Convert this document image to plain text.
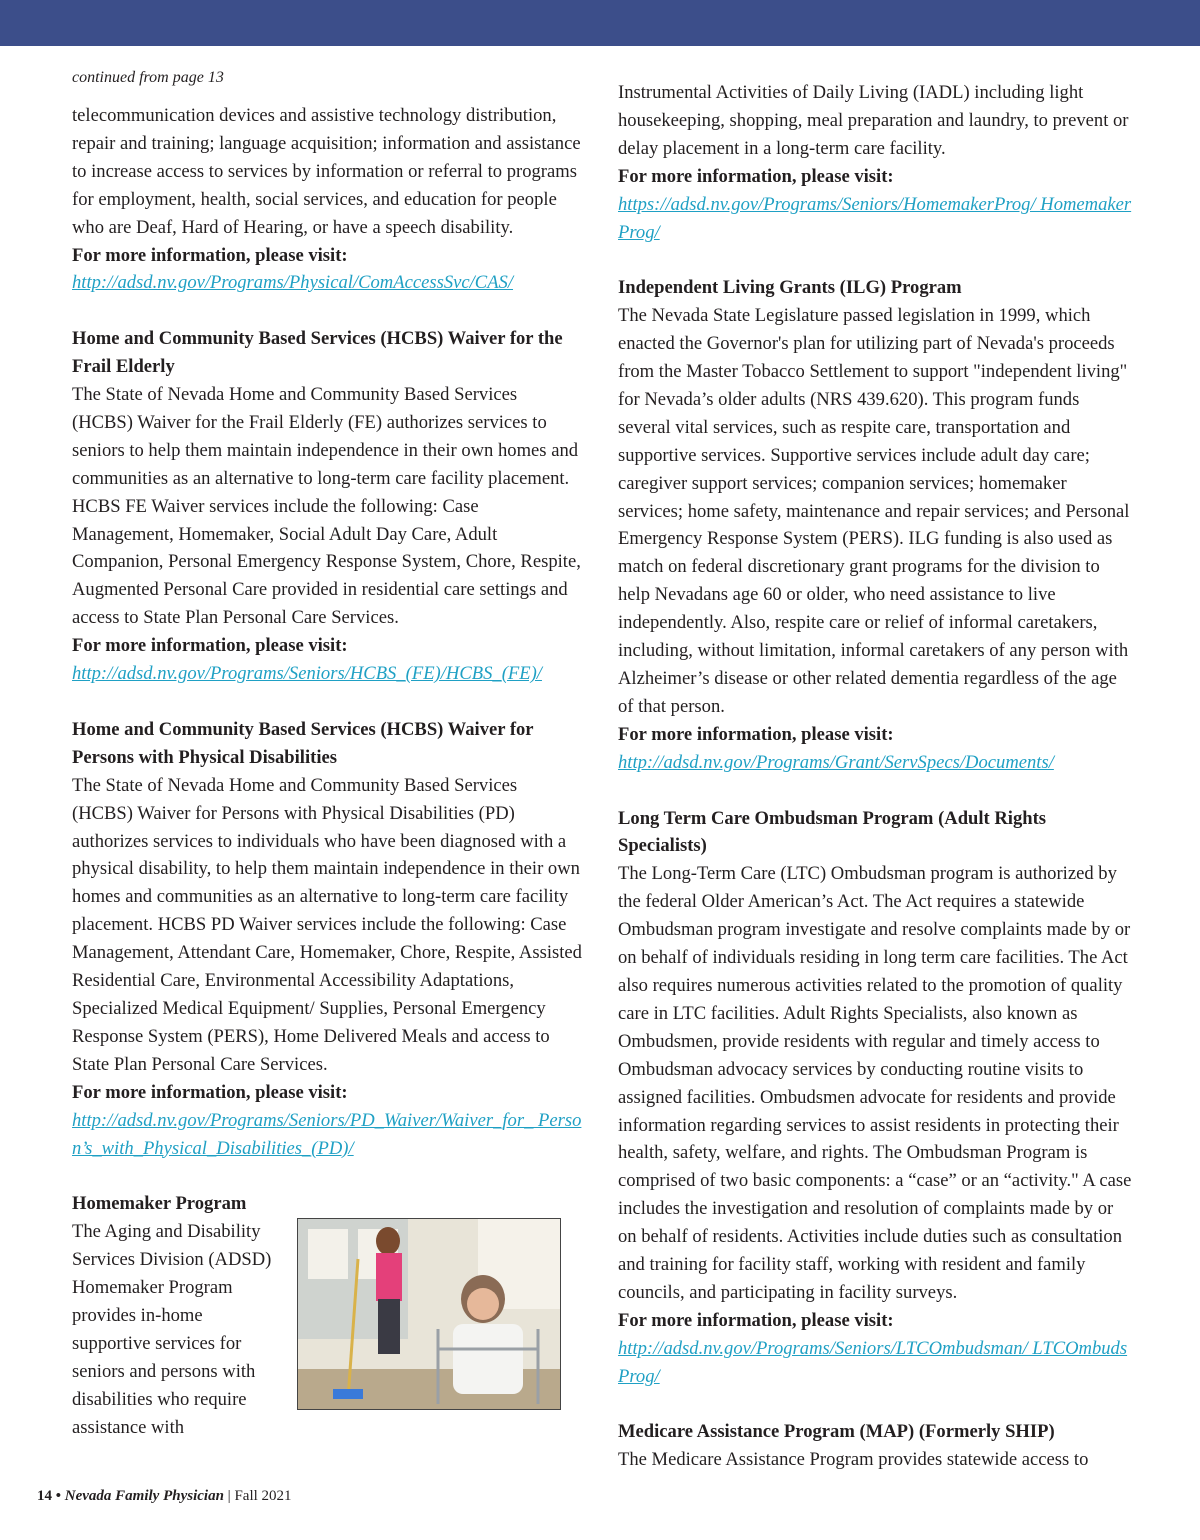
continued from page 13

telecommunication devices and assistive technology distribution, repair and training; language acquisition; information and assistance to increase access to services by information or referral to programs for employment, health, social services, and education for people who are Deaf, Hard of Hearing, or have a speech disability.

For more information, please visit:

http://adsd.nv.gov/Programs/Physical/ComAccessSvc/CAS/

Home and Community Based Services (HCBS) Waiver for the Frail Elderly

The State of Nevada Home and Community Based Services (HCBS) Waiver for the Frail Elderly (FE) authorizes services to seniors to help them maintain independence in their own homes and communities as an alternative to long-term care facility placement. HCBS FE Waiver services include the following: Case Management, Homemaker, Social Adult Day Care, Adult Companion, Personal Emergency Response System, Chore, Respite, Augmented Personal Care provided in residential care settings and access to State Plan Personal Care Services.

For more information, please visit:

http://adsd.nv.gov/Programs/Seniors/HCBS_(FE)/HCBS_(FE)/

Home and Community Based Services (HCBS) Waiver for Persons with Physical Disabilities

The State of Nevada Home and Community Based Services (HCBS) Waiver for Persons with Physical Disabilities (PD) authorizes services to individuals who have been diagnosed with a physical disability, to help them maintain independence in their own homes and communities as an alternative to long-term care facility placement. HCBS PD Waiver services include the following: Case Management, Attendant Care, Homemaker, Chore, Respite, Assisted Residential Care, Environmental Accessibility Adaptations, Specialized Medical Equipment/ Supplies, Personal Emergency Response System (PERS), Home Delivered Meals and access to State Plan Personal Care Services.

For more information, please visit:

http://adsd.nv.gov/Programs/Seniors/PD_Waiver/Waiver_for_ Person’s_with_Physical_Disabilities_(PD)/

Homemaker Program

The Aging and Disability Services Division (ADSD) Homemaker Program provides in-home supportive services for seniors and persons with disabilities who require assistance with

Instrumental Activities of Daily Living (IADL) including light housekeeping, shopping, meal preparation and laundry, to prevent or delay placement in a long-term care facility.

For more information, please visit:

https://adsd.nv.gov/Programs/Seniors/HomemakerProg/ HomemakerProg/

Independent Living Grants (ILG) Program

The Nevada State Legislature passed legislation in 1999, which enacted the Governor's plan for utilizing part of Nevada's proceeds from the Master Tobacco Settlement to support "independent living" for Nevada’s older adults (NRS 439.620). This program funds several vital services, such as respite care, transportation and supportive services. Supportive services include adult day care; caregiver support services; companion services; homemaker services; home safety, maintenance and repair services; and Personal Emergency Response System (PERS). ILG funding is also used as match on federal discretionary grant programs for the division to help Nevadans age 60 or older, who need assistance to live independently. Also, respite care or relief of informal caretakers, including, without limitation, informal caretakers of any person with Alzheimer’s disease or other related dementia regardless of the age of that person.

For more information, please visit:

http://adsd.nv.gov/Programs/Grant/ServSpecs/Documents/

Long Term Care Ombudsman Program (Adult Rights Specialists)

The Long-Term Care (LTC) Ombudsman program is authorized by the federal Older American’s Act. The Act requires a statewide Ombudsman program investigate and resolve complaints made by or on behalf of individuals residing in long term care facilities. The Act also requires numerous activities related to the promotion of quality care in LTC facilities. Adult Rights Specialists, also known as Ombudsmen, provide residents with regular and timely access to Ombudsman advocacy services by conducting routine visits to assigned facilities. Ombudsmen advocate for residents and provide information regarding services to assist residents in protecting their health, safety, welfare, and rights. The Ombudsman Program is comprised of two basic components: a “case” or an “activity." A case includes the investigation and resolution of complaints made by or on behalf of residents. Activities include duties such as consultation and training for facility staff, working with resident and family councils, and participating in facility surveys.

For more information, please visit:

http://adsd.nv.gov/Programs/Seniors/LTCOmbudsman/ LTCOmbudsProg/

Medicare Assistance Program (MAP) (Formerly SHIP)

The Medicare Assistance Program provides statewide access to

14 • Nevada Family Physician | Fall 2021
